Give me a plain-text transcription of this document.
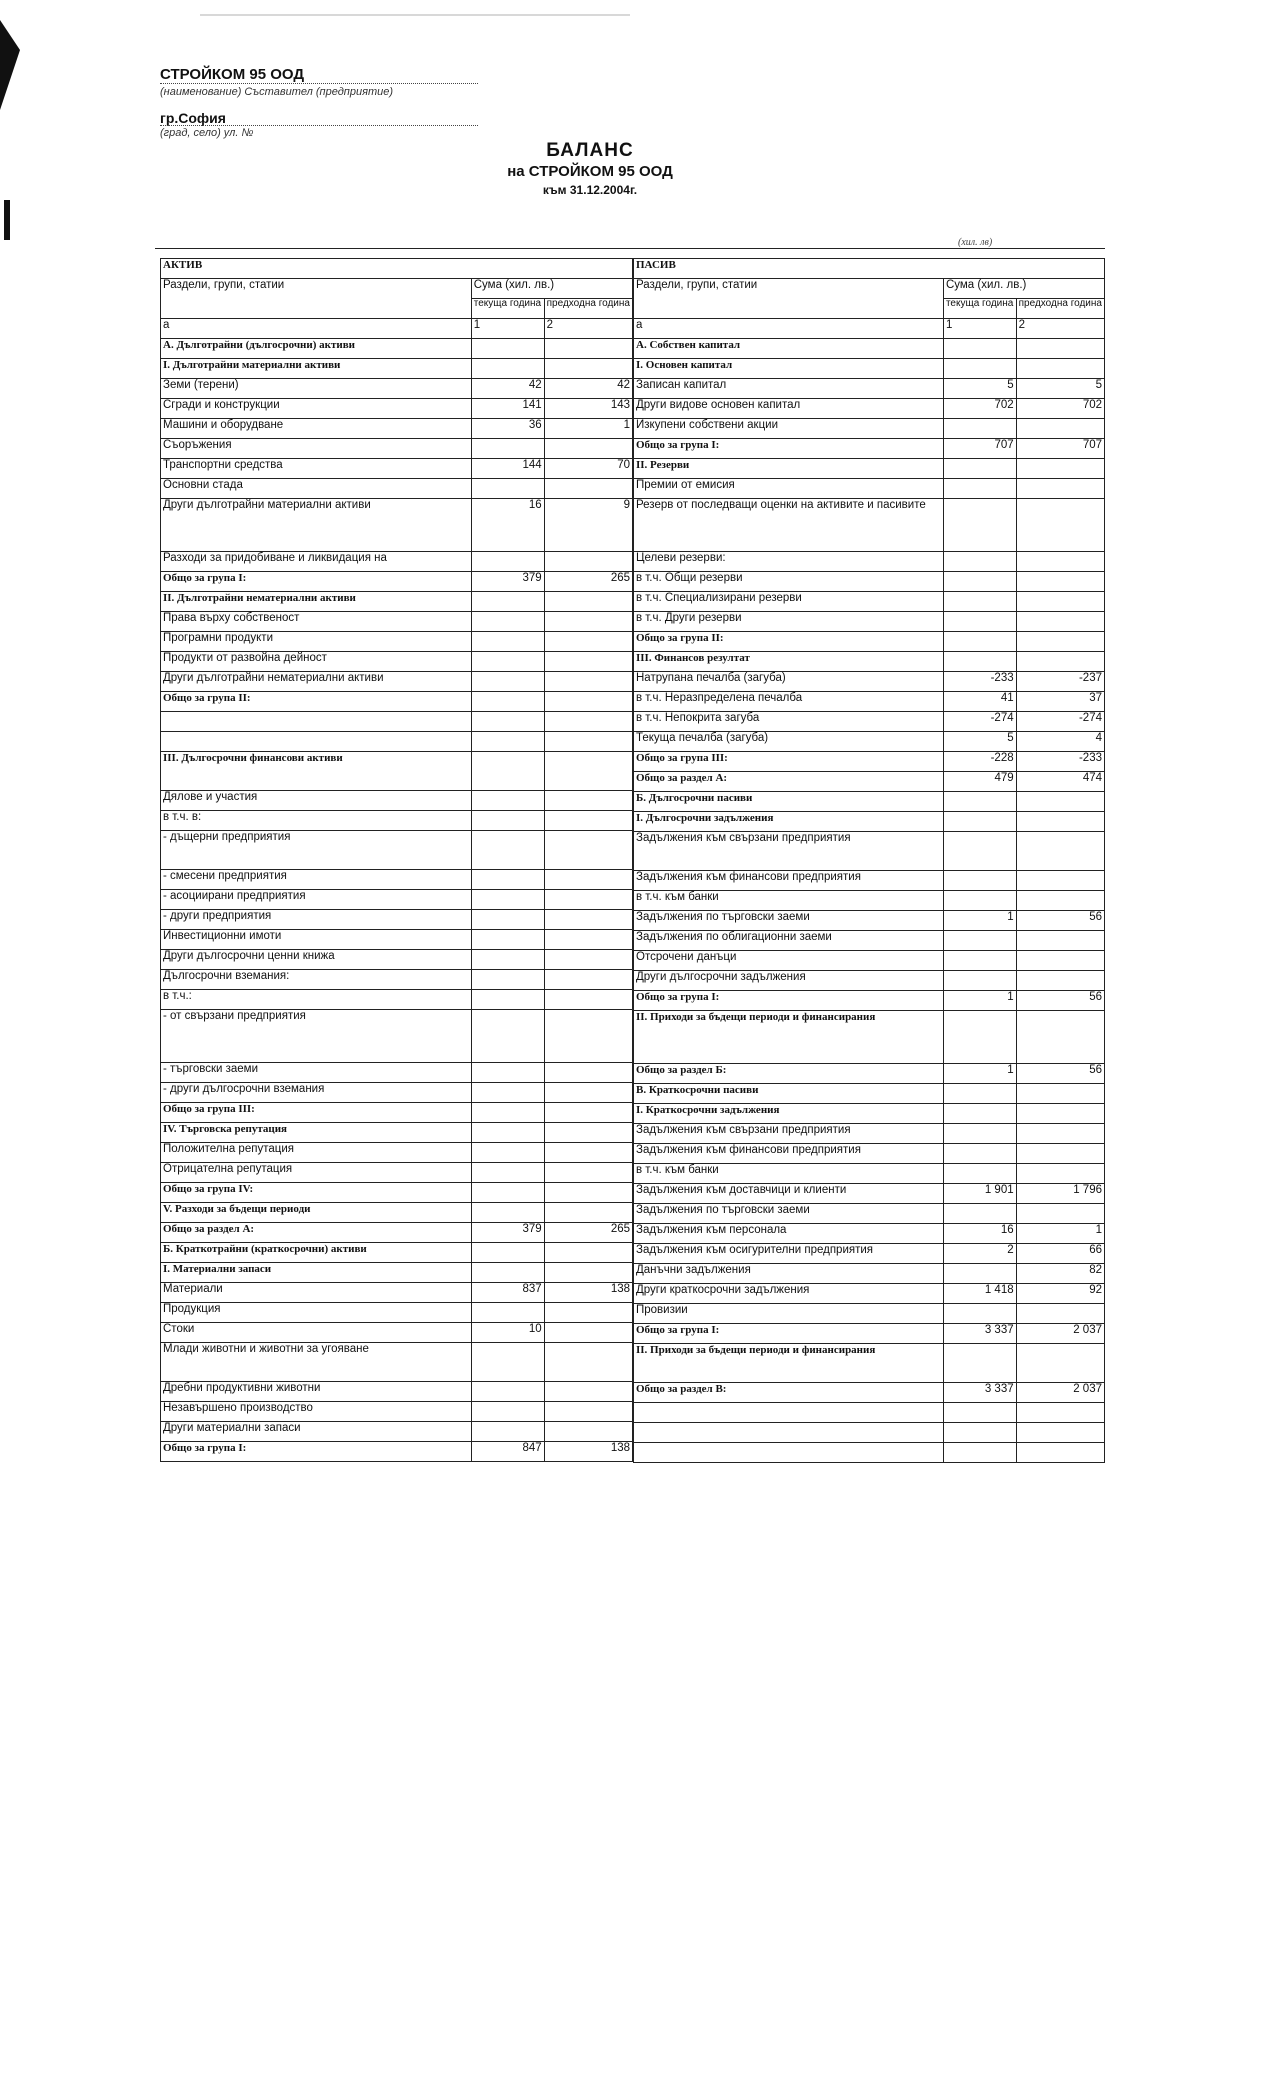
СТРОЙКОМ 95 ООД
(наименование) Съставител (предприятие)
гр.София
(град, село) ул. №
БАЛАНС
на СТРОЙКОМ 95 ООД
към 31.12.2004г.
(хил. лв)
АКТИВ		
Раздели, групи, статии	Сума (хил. лв.)	
	текуща година	предходна година
а	1	2
А. Дълготрайни (дългосрочни) активи		
І. Дълготрайни материални активи		
Земи (терени)	42	42
Сгради и конструкции	141	143
Машини и оборудване	36	1
Съоръжения		
Транспортни средства	144	70
Основни стада		
Други дълготрайни материални активи	16	9
Разходи за придобиване и ликвидация на		
Общо за група І:	379	265
ІІ. Дълготрайни нематериални активи		
Права върху собственост		
Програмни продукти		
Продукти от развойна дейност		
Други дълготрайни нематериални активи		
Общо за група ІІ:		

ІІІ. Дългосрочни финансови активи		
Дялове и участия		
в т.ч. в:		
- дъщерни предприятия		
- смесени предприятия		
- асоциирани предприятия		
- други предприятия		
Инвестиционни имоти		
Други дългосрочни ценни книжа		
Дългосрочни вземания:		
в т.ч.:		
- от свързани предприятия		
- търговски заеми		
- други дългосрочни вземания		
Общо за група ІІІ:		
ІV. Търговска репутация		
Положителна репутация		
Отрицателна репутация		
Общо за група ІV:		
V. Разходи за бъдещи периоди		
Общо за раздел А:	379	265
Б. Краткотрайни (краткосрочни) активи		
І. Материални запаси		
Материали	837	138
Продукция		
Стоки	10	
Млади животни и животни за угояване		
Дребни продуктивни животни		
Незавършено производство		
Други материални запаси		
Общо за група І:	847	138
ПАСИВ		
Раздели, групи, статии	Сума (хил. лв.)	
	текуща година	предходна година
а	1	2
А. Собствен капитал		
І. Основен капитал		
Записан капитал	5	5
Други видове основен капитал	702	702
Изкупени собствени акции		
Общо за група І:	707	707
ІІ. Резерви		
Премии от емисия		
Резерв от последващи оценки на активите и пасивите		
Целеви резерви:		
в т.ч. Общи резерви		
в т.ч. Специализирани резерви		
в т.ч. Други резерви		
Общо за група ІІ:		
ІІІ. Финансов резултат		
Натрупана печалба (загуба)	-233	-237
в т.ч. Неразпределена печалба	41	37
в т.ч. Непокрита загуба	-274	-274
Текуща печалба (загуба)	5	4
Общо за група ІІІ:	-228	-233
Общо за раздел А:	479	474
Б. Дългосрочни пасиви		
І. Дългосрочни задължения		
Задължения към свързани предприятия		
Задължения към финансови предприятия		
в т.ч. към банки		
Задължения по търговски заеми	1	56
Задължения по облигационни заеми		
Отсрочени данъци		
Други дългосрочни задължения		
Общо за група І:	1	56
ІІ. Приходи за бъдещи периоди и финансирания		
Общо за раздел Б:	1	56
В. Краткосрочни пасиви		
І. Краткосрочни задължения		
Задължения към свързани предприятия		
Задължения към финансови предприятия		
в т.ч. към банки		
Задължения към доставчици и клиенти	1 901	1 796
Задължения по търговски заеми		
Задължения към персонала	16	1
Задължения към осигурителни предприятия	2	66
Данъчни задължения		82
Други краткосрочни задължения	1 418	92
Провизии		
Общо за група І:	3 337	2 037
ІІ. Приходи за бъдещи периоди и финансирания		
Общо за раздел В:	3 337	2 037
